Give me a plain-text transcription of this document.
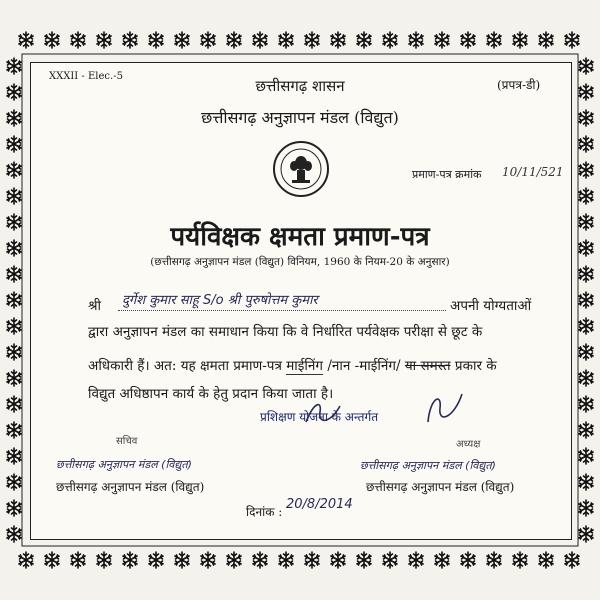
XXXII - Elec.-5
(प्रपत्र-डी)
छत्तीसगढ़ शासन
छत्तीसगढ़ अनुज्ञापन मंडल (विद्युत)
प्रमाण-पत्र क्रमांक 10/11/521
पर्यविक्षक क्षमता प्रमाण-पत्र
(छत्तीसगढ़ अनुज्ञापन मंडल (विद्युत) विनियम, 1960 के नियम-20 के अनुसार)
श्री दुर्गेश कुमार साहू S/o श्री पुरुषोत्तम कुमार	अपनी योग्यताओं
द्वारा अनुज्ञापन मंडल का समाधान किया कि वे निर्धारित पर्यवेक्षक परीक्षा से छूट के
अधिकारी हैं। अत: यह क्षमता प्रमाण-पत्र माईनिंग /नान -माईनिंग/ या समस्त प्रकार के
विद्युत अधिष्ठापन कार्य के हेतु प्रदान किया जाता है।
प्रशिक्षण योजना के अन्तर्गत
सचिव
छत्तीसगढ़ अनुज्ञापन मंडल (विद्युत)
छत्तीसगढ़ अनुज्ञापन मंडल (विद्युत)
अध्यक्ष
छत्तीसगढ़ अनुज्ञापन मंडल (विद्युत)
छत्तीसगढ़ अनुज्ञापन मंडल (विद्युत)
दिनांक : 20/8/2014
